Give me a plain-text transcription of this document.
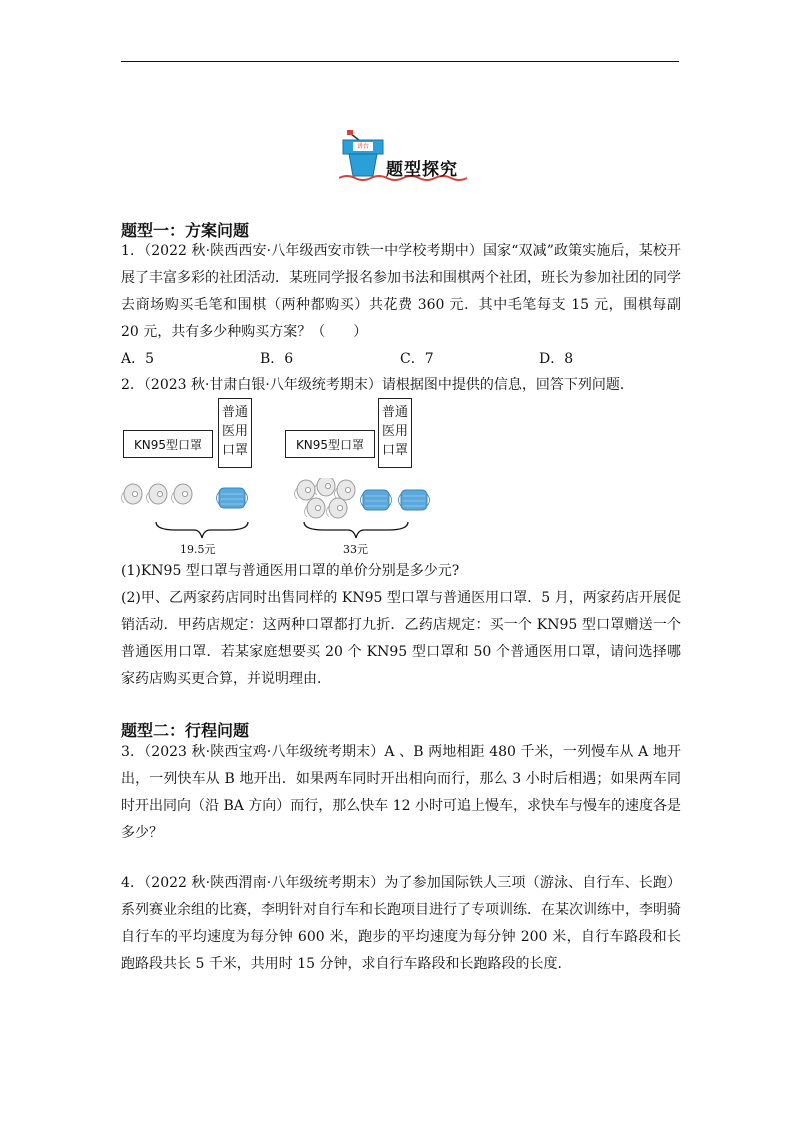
讲台
题型探究
题型一：方案问题

1．（2022 秋·陕西西安·八年级西安市铁一中学校考期中）国家“双减”政策实施后，某校开展了丰富多彩的社团活动．某班同学报名参加书法和围棋两个社团，班长为参加社团的同学去商场购买毛笔和围棋（两种都购买）共花费 360 元．其中毛笔每支 15 元，围棋每副 20 元，共有多少种购买方案？（　　）

A．5	B．6	C．7	D．8

2．（2023 秋·甘肃白银·八年级统考期末）请根据图中提供的信息，回答下列问题．

KN95型口罩
普通
医用
口罩	KN95型口罩
普通
医用
口罩
19.5元	33元

(1)KN95 型口罩与普通医用口罩的单价分别是多少元?

(2)甲、乙两家药店同时出售同样的 KN95 型口罩与普通医用口罩．5 月，两家药店开展促销活动．甲药店规定：这两种口罩都打九折．乙药店规定：买一个 KN95 型口罩赠送一个普通医用口罩．若某家庭想要买 20 个 KN95 型口罩和 50 个普通医用口罩，请问选择哪家药店购买更合算，并说明理由．

题型二：行程问题

3．（2023 秋·陕西宝鸡·八年级统考期末）A 、B 两地相距 480 千米，一列慢车从 A 地开出，一列快车从 B 地开出．如果两车同时开出相向而行，那么 3 小时后相遇；如果两车同时开出同向（沿 BA 方向）而行，那么快车 12 小时可追上慢车，求快车与慢车的速度各是多少？

4．（2022 秋·陕西渭南·八年级统考期末）为了参加国际铁人三项（游泳、自行车、长跑）系列赛业余组的比赛，李明针对自行车和长跑项目进行了专项训练．在某次训练中，李明骑自行车的平均速度为每分钟 600 米，跑步的平均速度为每分钟 200 米，自行车路段和长跑路段共长 5 千米，共用时 15 分钟，求自行车路段和长跑路段的长度．
